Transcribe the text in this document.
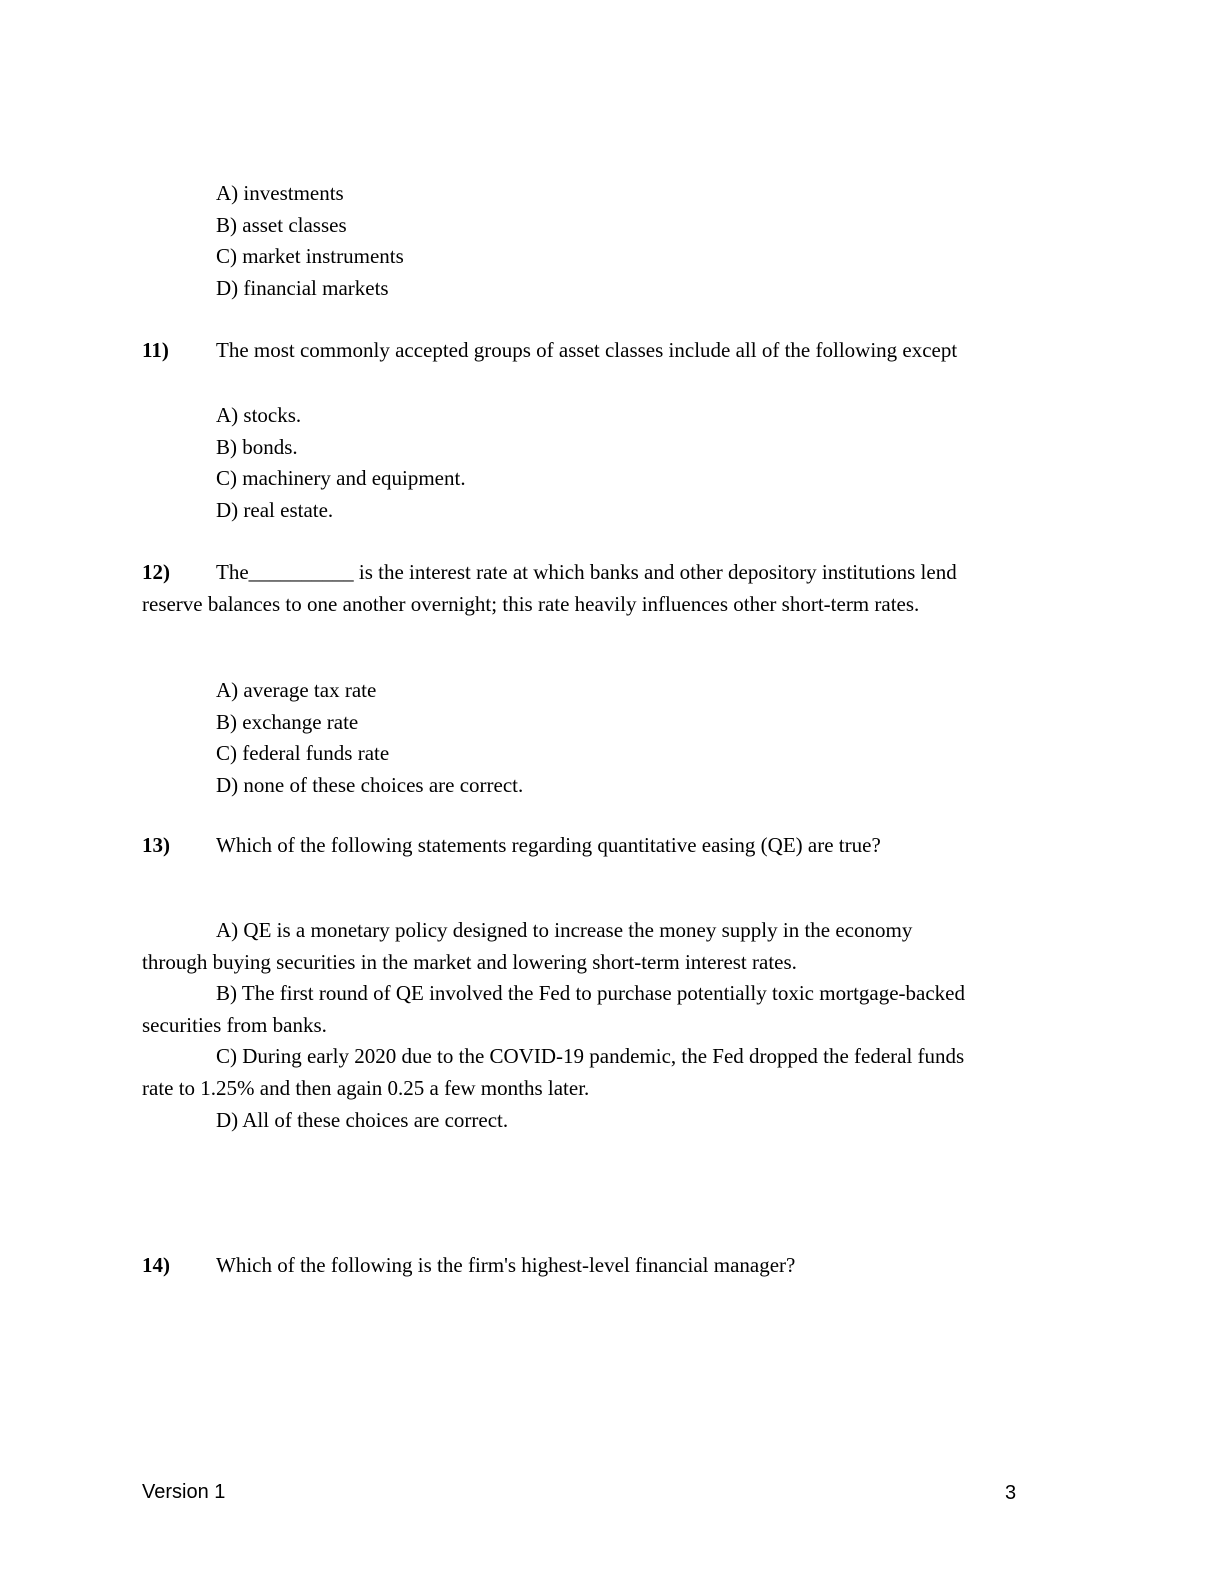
A) investments
B) asset classes
C) market instruments
D) financial markets
11) The most commonly accepted groups of asset classes include all of the following except
A) stocks.
B) bonds.
C) machinery and equipment.
D) real estate.
12) The__________ is the interest rate at which banks and other depository institutions lend
reserve balances to one another overnight; this rate heavily influences other short-term rates.
A) average tax rate
B) exchange rate
C) federal funds rate
D) none of these choices are correct.
13) Which of the following statements regarding quantitative easing (QE) are true?
A) QE is a monetary policy designed to increase the money supply in the economy
through buying securities in the market and lowering short-term interest rates.
B) The first round of QE involved the Fed to purchase potentially toxic mortgage-backed
securities from banks.
C) During early 2020 due to the COVID-19 pandemic, the Fed dropped the federal funds
rate to 1.25% and then again 0.25 a few months later.
D) All of these choices are correct.
14) Which of the following is the firm's highest-level financial manager?
Version 1	3
